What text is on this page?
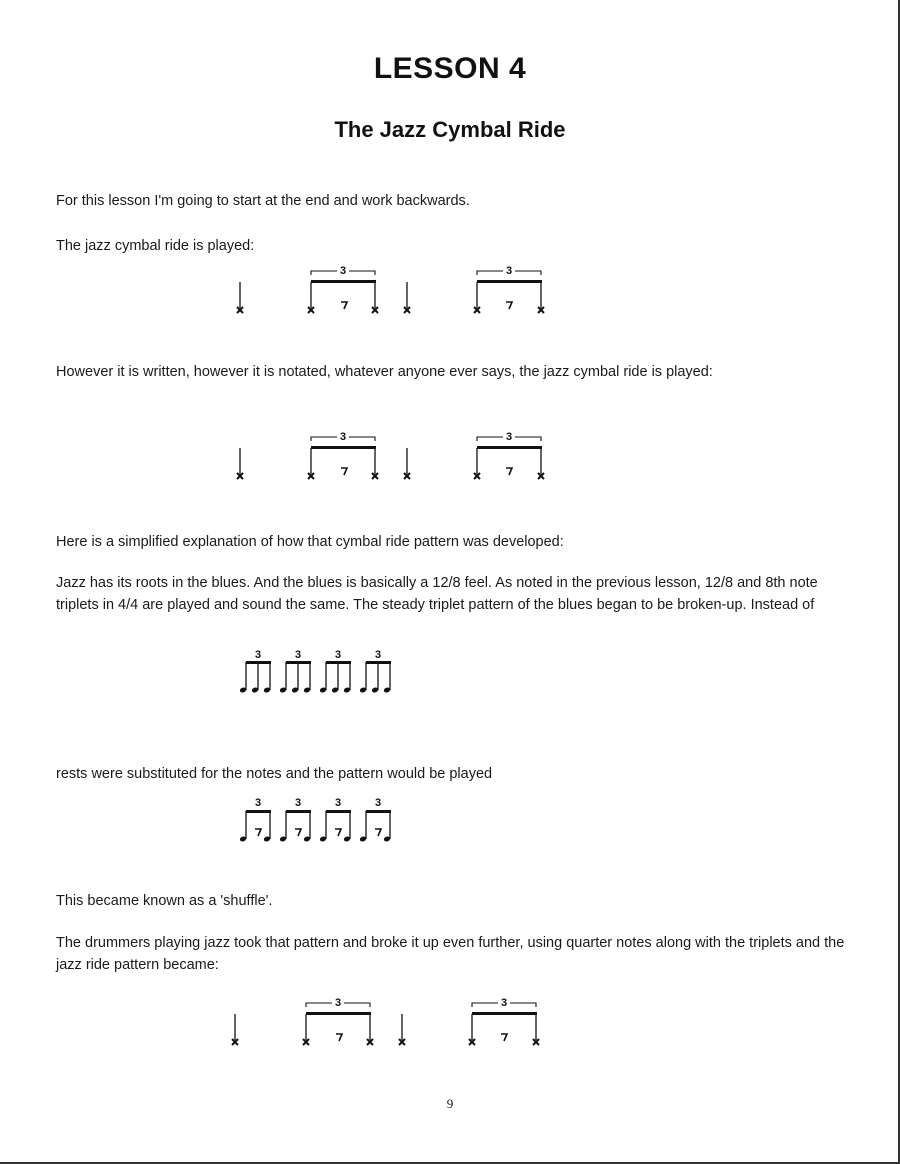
LESSON 4
The Jazz Cymbal Ride
For this lesson I'm going to start at the end and work backwards.
The jazz cymbal ride is played:
3	3
However it is written, however it is notated, whatever anyone ever says, the jazz cymbal ride is played:
3	3
Here is a simplified explanation of how that cymbal ride pattern was developed:
Jazz has its roots in the blues. And the blues is basically a 12/8 feel. As noted in the previous lesson, 12/8 and 8th note triplets in 4/4 are played and sound the same. The steady triplet pattern of the blues began to be broken-up. Instead of
3	3	3	3
rests were substituted for the notes and the pattern would be played
3	3	3	3
This became known as a 'shuffle'.
The drummers playing jazz took that pattern and broke it up even further, using quarter notes along with the triplets and the jazz ride pattern became:
3	3
9
